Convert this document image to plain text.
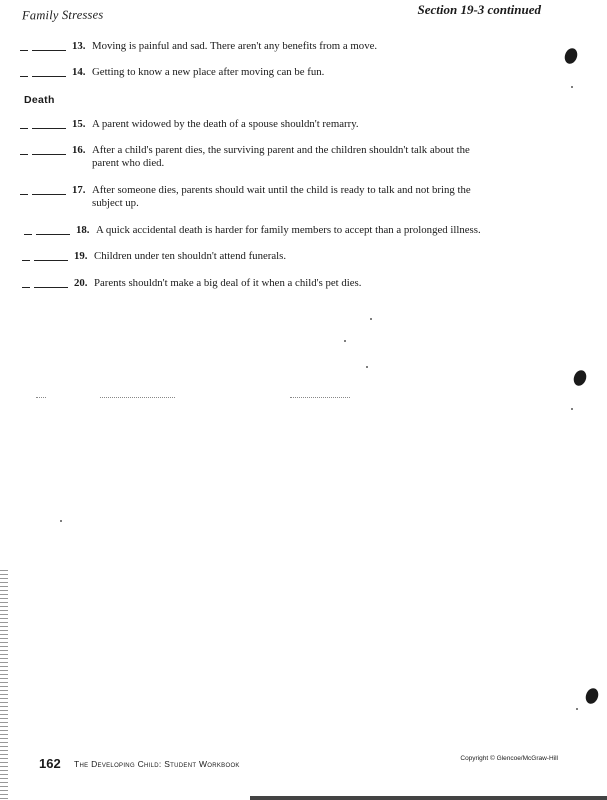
Family Stresses	Section 19-3 continued
13. Moving is painful and sad. There aren't any benefits from a move.
14. Getting to know a new place after moving can be fun.
Death
15. A parent widowed by the death of a spouse shouldn't remarry.
16. After a child's parent dies, the surviving parent and the children shouldn't talk about the
parent who died.
17. After someone dies, parents should wait until the child is ready to talk and not bring the
subject up.
18. A quick accidental death is harder for family members to accept than a prolonged illness.
19. Children under ten shouldn't attend funerals.
20. Parents shouldn't make a big deal of it when a child's pet dies.
162 The Developing Child: Student Workbook
Copyright © Glencoe/McGraw-Hill
